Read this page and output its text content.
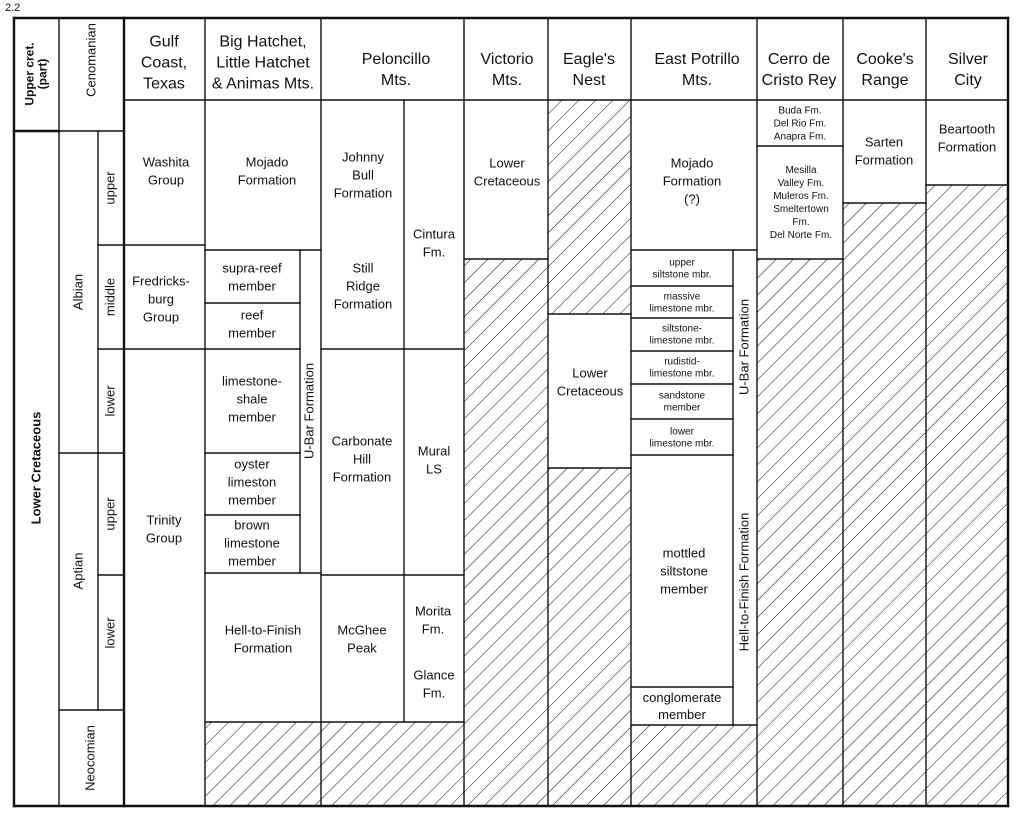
2.2
Upper cret.(part)
Lower Cretaceous
Cenomanian
Albian
Aptian
Neocomian
upper
middle
lower
upper
lower
Gulf Coast, Texas
Big Hatchet, Little Hatchet & Animas Mts.
Peloncillo Mts.
Victorio Mts.
Eagle's Nest
East Potrillo Mts.
Cerro de Cristo Rey
Cooke's Range
Silver City
Washita Group
Fredricks-burg Group
Trinity Group
Mojado Formation
supra-reef member
reef member
limestone-shale member
oyster limeston member
brown limestone member
U-Bar Formation
Hell-to-Finish Formation
Johnny Bull Formation
Still Ridge Formation
Cintura Fm.
Carbonate Hill Formation
Mural LS
McGhee Peak
Morita Fm.
Glance Fm.
Lower Cretaceous
Lower Cretaceous
Mojado Formation (?)
upper siltstone mbr.
massive limestone mbr.
siltstone-limestone mbr.
rudistid-limestone mbr.
sandstone member
lower limestone mbr.
U-Bar Formation
mottled siltstone member
conglomerate member
Hell-to-Finish Formation
Buda Fm. Del Rio Fm. Anapra Fm.
Mesilla Valley Fm. Muleros Fm. Smeltertown Fm. Del Norte Fm.
Sarten Formation
Beartooth Formation
